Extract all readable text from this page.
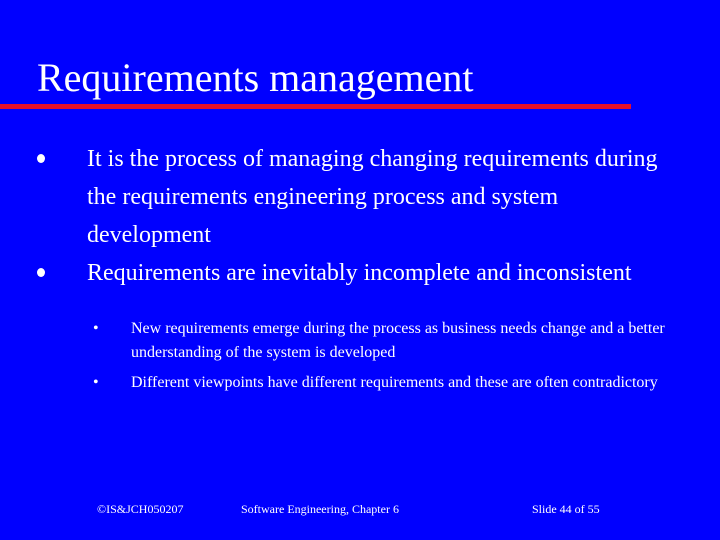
Requirements management
It is the process of managing changing requirements during the requirements engineering process and system development
Requirements are inevitably incomplete and inconsistent
• New requirements emerge during the process as business needs change and a better understanding of the system is developed
• Different viewpoints have different requirements and these are often contradictory
©IS&JCH050207	Software Engineering, Chapter 6	Slide 44 of 55
